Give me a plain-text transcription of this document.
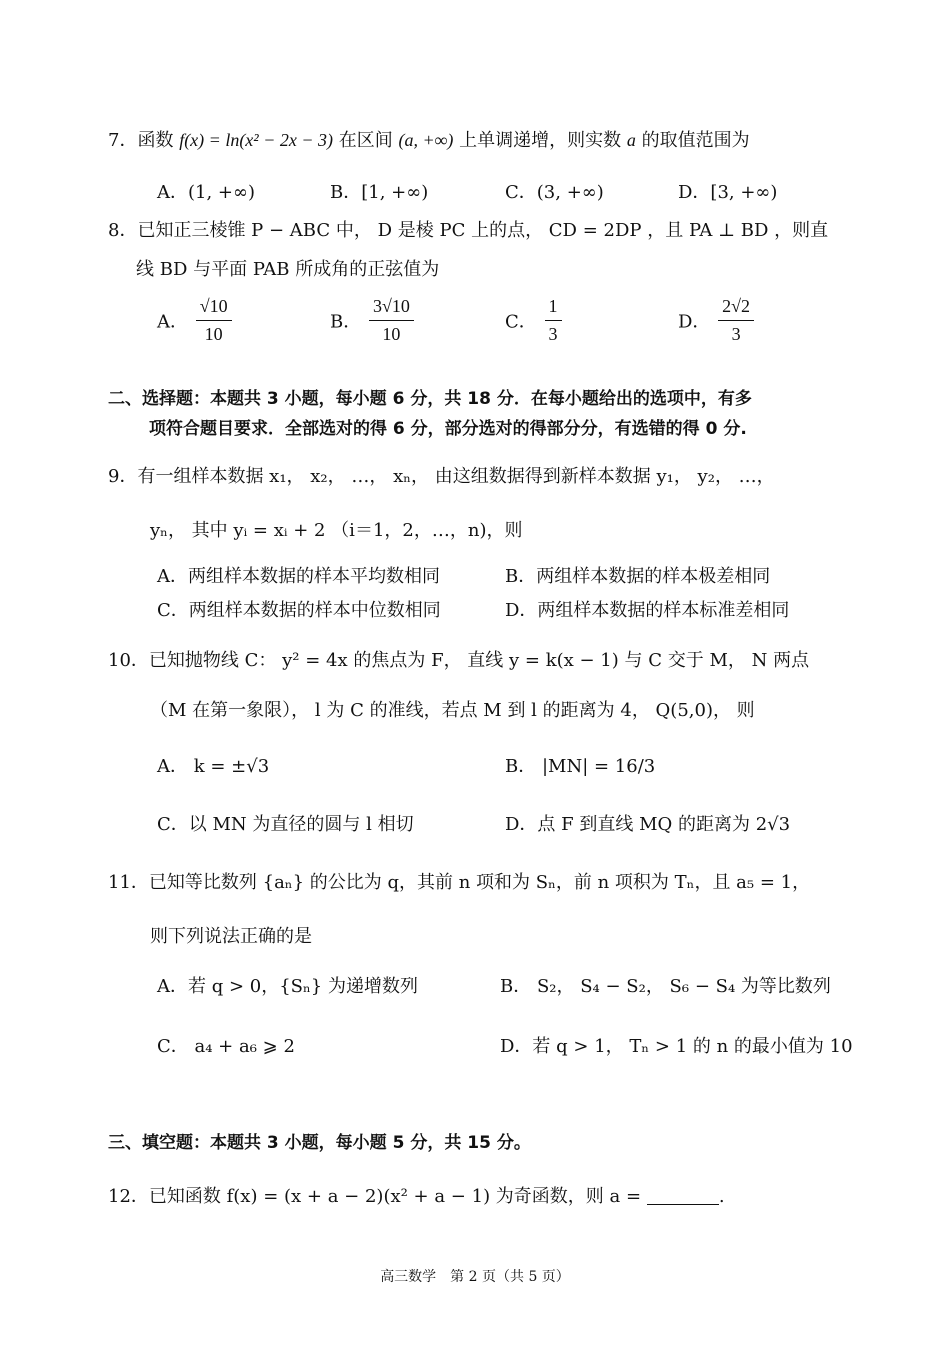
7．函数 f(x) = ln(x² − 2x − 3) 在区间 (a, +∞) 上单调递增，则实数 a 的取值范围为
A．(1, +∞)	B．[1, +∞)	C．(3, +∞)	D．[3, +∞)
8．已知正三棱锥 P − ABC 中， D 是棱 PC 上的点， CD = 2DP ，且 PA ⊥ BD ，则直
线 BD 与平面 PAB 所成角的正弦值为
A． $\frac{√10}{10}$	B． $\frac{3√10}{10}$	C． $\frac{1}{3}$	D． $\frac{2√2}{3}$
二、选择题：本题共 3 小题，每小题 6 分，共 18 分．在每小题给出的选项中，有多
项符合题目要求．全部选对的得 6 分，部分选对的得部分分，有选错的得 0 分.
9．有一组样本数据 x₁， x₂， …， xₙ， 由这组数据得到新样本数据 y₁， y₂， …，
yₙ， 其中 yᵢ = xᵢ + 2 （i＝1，2，…，n)，则
A．两组样本数据的样本平均数相同	B．两组样本数据的样本极差相同
C．两组样本数据的样本中位数相同	D．两组样本数据的样本标准差相同
10．已知抛物线 C： y² = 4x 的焦点为 F， 直线 y = k(x − 1) 与 C 交于 M， N 两点
（M 在第一象限）， l 为 C 的准线，若点 M 到 l 的距离为 4， Q(5,0)， 则
A． k = ±√3	B． |MN| = 16/3
C．以 MN 为直径的圆与 l 相切	D．点 F 到直线 MQ 的距离为 2√3
11．已知等比数列 {aₙ} 的公比为 q，其前 n 项和为 Sₙ，前 n 项积为 Tₙ，且 a₅ = 1，
则下列说法正确的是
A．若 q > 0，{Sₙ} 为递增数列	B． S₂， S₄ − S₂， S₆ − S₄ 为等比数列
C． a₄ + a₆ ⩾ 2	D．若 q > 1， Tₙ > 1 的 n 的最小值为 10
三、填空题：本题共 3 小题，每小题 5 分，共 15 分。
12．已知函数 f(x) = (x + a − 2)(x² + a − 1) 为奇函数，则 a =	.
高三数学　第 2 页（共 5 页）
